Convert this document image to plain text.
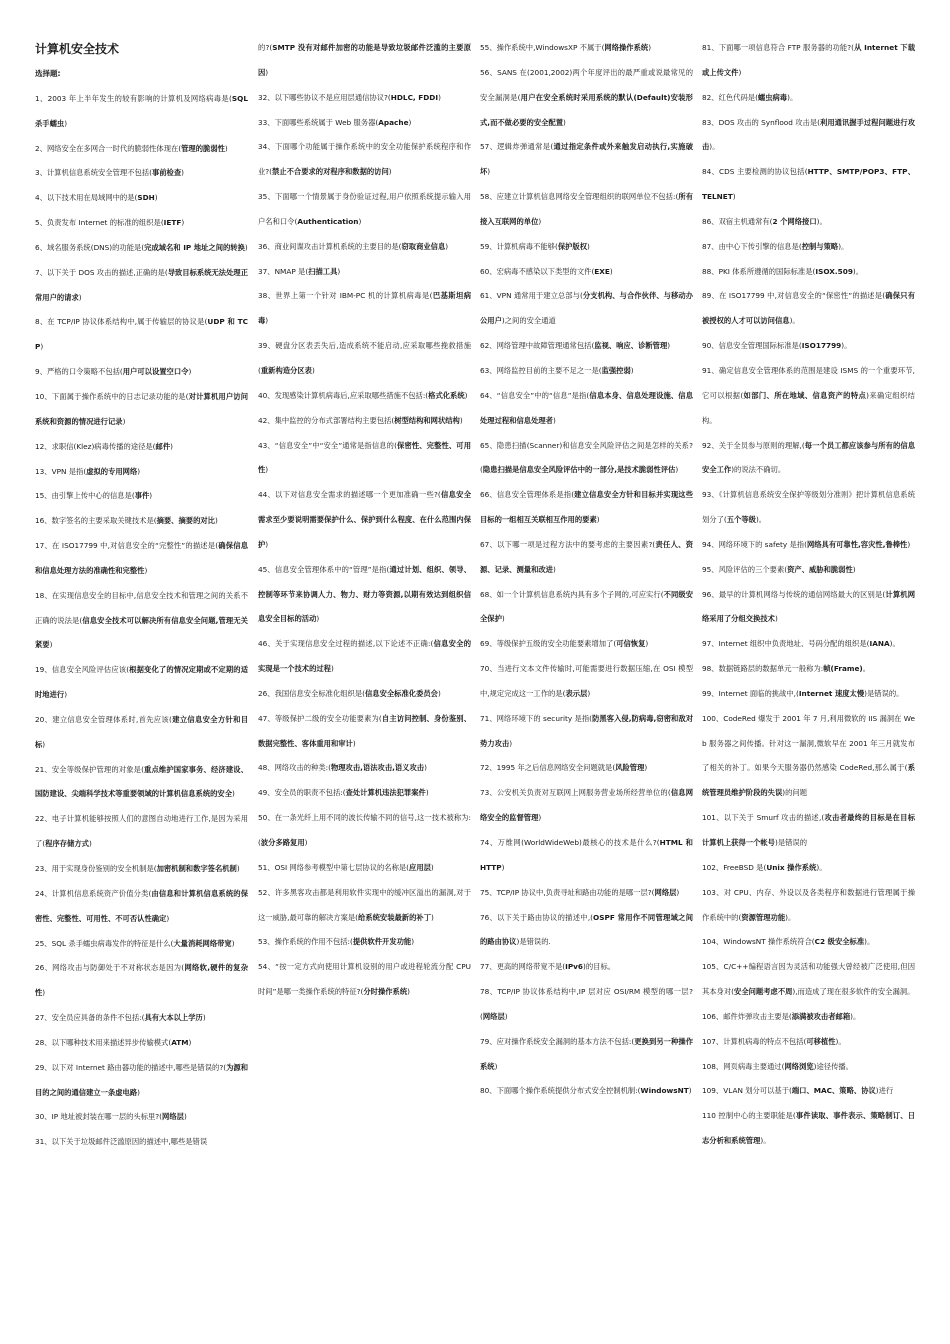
计算机安全技术

选择题:

1、2003 年上半年发生的较有影响的计算机及网络病毒是(SQL 杀手蠕虫)

2、网络安全在多网合一时代的脆弱性体现在(管理的脆弱性)

3、计算机信息系统安全管理不包括(事前检查)

4、以下技术用在局域网中的是(SDH)

5、负责发布 Internet 的标准的组织是(IETF)

6、域名服务系统(DNS)的功能是(完成域名和 IP 地址之间的转换)

7、以下关于 DOS 攻击的描述,正确的是(导致目标系统无法处理正常用户的请求)

8、在 TCP/IP 协议体系结构中,属于传输层的协议是(UDP 和 TCP)

9、严格的口令策略不包括(用户可以设置空口令)

10、下面属于操作系统中的日志记录功能的是(对计算机用户访问系统和资源的情况进行记录)

12、求职信(Klez)病毒传播的途径是(邮件)

13、VPN 是指(虚拟的专用网络)

15、由引擎上传中心的信息是(事件)

16、数字签名的主要采取关键技术是(摘要、摘要的对比)

17、在 ISO17799 中,对信息安全的“完整性”的描述是(确保信息和信息处理方法的准确性和完整性)

18、在实现信息安全的目标中,信息安全技术和管理之间的关系不正确的说法是(信息安全技术可以解决所有信息安全问题,管理无关紧要)

19、信息安全风险评估应该(根据变化了的情况定期或不定期的适时地进行)

20、建立信息安全管理体系时,首先应该(建立信息安全方针和目标)

21、安全等级保护管理的对象是(重点维护国家事务、经济建设、国防建设、尖端科学技术等重要领域的计算机信息系统的安全)

22、电子计算机能够按照人们的意图自动地进行工作,是因为采用了(程序存储方式)

23、用于实现身份鉴别的安全机制是(加密机制和数字签名机制)

24、计算机信息系统资产价值分类(由信息和计算机信息系统的保密性、完整性、可用性、不可否认性确定)

25、SQL 杀手蠕虫病毒发作的特征是什么(大量消耗网络带宽)

26、网络攻击与防御处于不对称状态是因为(网络软,硬件的复杂性)

27、安全员应具备的条件不包括:(具有大本以上学历)

28、以下哪种技术用来描述异步传输模式(ATM)

29、以下对 Internet 路由器功能的描述中,哪些是错误的?(为源和目的之间的通信建立一条虚电路)

30、IP 地址被封装在哪一层的头标里?(网络层)

31、以下关于垃圾邮件泛滥原因的描述中,哪些是错误

的?(SMTP 没有对邮件加密的功能是导致垃圾邮件泛滥的主要原因)

32、以下哪些协议不是应用层通信协议?(HDLC, FDDI)

33、下面哪些系统属于 Web 服务器(Apache)

34、下面哪个功能属于操作系统中的安全功能保护系统程序和作业?(禁止不合要求的对程序和数据的访问)

35、下面哪一个情景属于身份验证过程,用户依照系统提示输入用户名和口令(Authentication)

36、商业间谍攻击计算机系统的主要目的是(窃取商业信息)

37、NMAP 是(扫描工具)

38、世界上第一个针对 IBM-PC 机的计算机病毒是(巴基斯坦病毒)

39、硬盘分区表丢失后,造成系统不能启动,应采取哪些挽救措施(重新构造分区表)

40、发现感染计算机病毒后,应采取哪些措施不包括:(格式化系统)

42、集中监控的分布式部署结构主要包括(树型结构和网状结构)

43、“信息安全”中“安全”通常是指信息的(保密性、完整性、可用性)

44、以下对信息安全需求的描述哪一个更加准确一些?(信息安全需求至少要说明需要保护什么、保护到什么程度、在什么范围内保护)

45、信息安全管理体系中的“管理”是指(通过计划、组织、领导、控制等环节来协调人力、物力、财力等资源,以期有效达到组织信息安全目标的活动)

46、关于实现信息安全过程的描述,以下论述不正确:(信息安全的实现是一个技术的过程)

26、我国信息安全标准化组织是(信息安全标准化委员会)

47、等级保护二级的安全功能要素为(自主访问控制、身份鉴别、数据完整性、客体重用和审计)

48、网络攻击的种类:(物理攻击,语法攻击,语义攻击)

49、安全员的职责不包括:(查处计算机违法犯罪案件)

50、在一条光纤上用不同的波长传输不同的信号,这一技术被称为:(波分多路复用)

51、OSI 网络参考模型中第七层协议的名称是(应用层)

52、许多黑客攻击都是利用软件实现中的缓冲区溢出的漏洞,对于这一威胁,最可靠的解决方案是(给系统安装最新的补丁)

53、操作系统的作用不包括:(提供软件开发功能)

54、“按一定方式向使用计算机设别的用户或进程轮流分配 CPU 时间”是哪一类操作系统的特征?(分时操作系统)

55、操作系统中,WindowsXP 不属于(网络操作系统)

56、SANS 在(2001,2002)两个年度评出的最严重或说最常见的安全漏洞是(用户在安全系统时采用系统的默认(Default)安装形式,而不做必要的安全配置)

57、逻辑炸弹通常是(通过指定条件或外来触发启动执行,实施破坏)

58、应建立计算机信息网络安全管理组织的联网单位不包括:(所有接入互联网的单位)

59、计算机病毒不能够(保护版权)

60、宏病毒不感染以下类型的文件(EXE)

61、VPN 通常用于建立总部与(分支机构、与合作伙伴、与移动办公用户)之间的安全通道

62、网络管理中故障管理通常包括(监视、响应、诊断管理)

63、网络监控目前的主要不足之一是(监强控弱)

64、“信息安全”中的“信息”是指(信息本身、信息处理设施、信息处理过程和信息处理者)

65、隐患扫描(Scanner)和信息安全风险评估之间是怎样的关系?(隐患扫描是信息安全风险评估中的一部分,是技术脆弱性评估)

66、信息安全管理体系是指(建立信息安全方针和目标并实现这些目标的一组相互关联相互作用的要素)

67、以下哪一项是过程方法中的要考虑的主要因素?(责任人、资源、记录、测量和改进)

68、如一个计算机信息系统内具有多个子网的,可应实行(不同级安全保护)

69、等级保护五级的安全功能要素增加了(可信恢复)

70、当进行文本文件传输时,可能需要进行数据压缩,在 OSI 模型中,规定完成这一工作的是(表示层)

71、网络环境下的 security 是指(防黑客入侵,防病毒,窃密和敌对势力攻击)

72、1995 年之后信息网络安全问题就是(风险管理)

73、公安机关负责对互联网上网服务营业场所经营单位的(信息网络安全的监督管理)

74、万维网(WorldWideWeb)最核心的技术是什么?(HTML 和 HTTP)

75、TCP/IP 协议中,负责寻址和路由功能的是哪一层?(网络层)

76、以下关于路由协议的描述中,(OSPF 常用作不同管理域之间的路由协议)是错误的.

77、更高的网络带宽不是(IPv6)的目标。

78、TCP/IP 协议体系结构中,IP 层对应 OSI/RM 模型的哪一层?(网络层)

79、应对操作系统安全漏洞的基本方法不包括:(更换到另一种操作系统)

80、下面哪个操作系统提供分布式安全控制机制:(WindowsNT)

81、下面哪一项信息符合 FTP 服务器的功能?(从 Internet 下载或上传文件)

82、红色代码是(蠕虫病毒)。

83、DOS 攻击的 Synflood 攻击是(利用通讯握手过程问题进行攻击)。

84、CDS 主要检测的协议包括(HTTP、SMTP/POP3、FTP、TELNET)

86、双宿主机通常有(2 个网络接口)。

87、由中心下传引擎的信息是(控制与策略)。

88、PKI 体系所遵循的国际标准是(ISOX.509)。

89、在 ISO17799 中,对信息安全的“保密性”的描述是(确保只有被授权的人才可以访问信息)。

90、信息安全管理国际标准是(ISO17799)。

91、确定信息安全管理体系的范围是建设 ISMS 的一个重要环节,它可以根据(如部门、所在地域、信息资产的特点)来确定组织结构。

92、关于全员参与原则的理解,(每一个员工都应该参与所有的信息安全工作)的说法不确切。

93、《计算机信息系统安全保护等级划分准则》把计算机信息系统划分了(五个等级)。

94、网络环境下的 safety 是指(网络具有可靠性,容灾性,鲁棒性)

95、风险评估的三个要素(资产、威胁和脆弱性)

96、最早的计算机网络与传统的通信网络最大的区别是(计算机网络采用了分组交换技术)

97、Internet 组织中负责地址、号码分配的组织是(IANA)。

98、数据链路层的数据单元一般称为:帧(Frame)。

99、Internet 面临的挑战中,(Internet 速度太慢)是错误的。

100、CodeRed 爆发于 2001 年 7 月,利用微软的 IIS 漏洞在 Web 服务器之间传播。针对这一漏洞,微软早在 2001 年三月就发布了相关的补丁。如果今天服务器仍然感染 CodeRed,那么属于(系统管理员维护阶段的失误)的问题

101、以下关于 Smurf 攻击的描述,(攻击者最终的目标是在目标计算机上获得一个帐号)是错误的

102、FreeBSD 是(Unix 操作系统)。

103、对 CPU、内存、外设以及各类程序和数据进行管理属于操作系统中的(资源管理功能)。

104、WindowsNT 操作系统符合(C2 级安全标准)。

105、C/C++编程语言因为灵活和功能强大曾经被广泛使用,但因其本身对(安全问题考虑不周),而造成了现在很多软件的安全漏洞。

106、邮件炸弹攻击主要是(添满被攻击者邮箱)。

107、计算机病毒的特点不包括(可移植性)。

108、网页病毒主要通过(网络浏览)途径传播。

109、VLAN 划分可以基于(端口、MAC、策略、协议)进行

110 控制中心的主要职能是(事件读取、事件表示、策略制订、日志分析和系统管理)。
